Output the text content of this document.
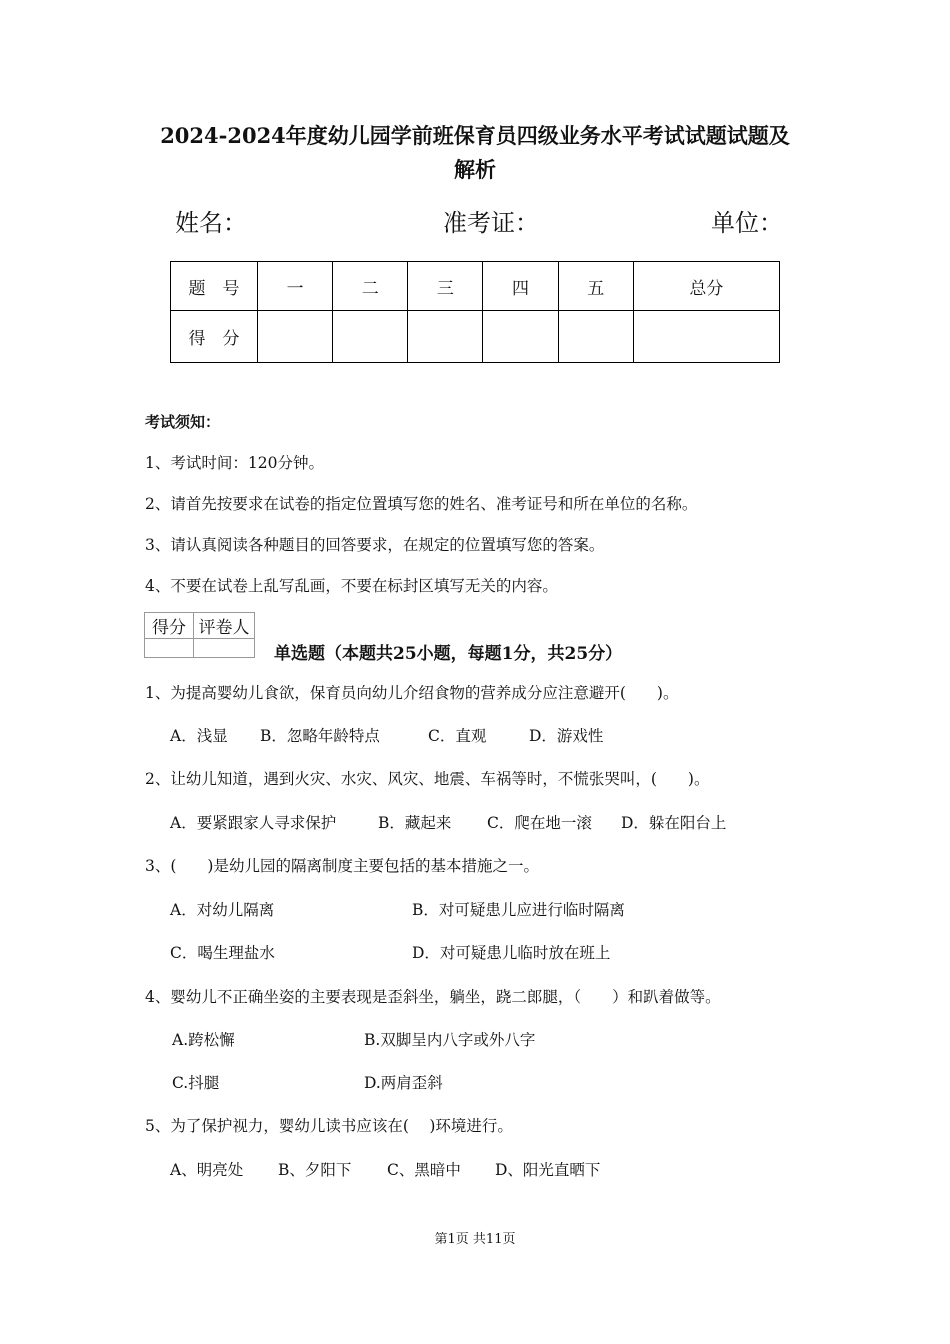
2024-2024年度幼儿园学前班保育员四级业务水平考试试题试题及
解析
姓名：	准考证：	单位：
题　号	一	二	三	四	五	总分
得　分						
考试须知：
1、考试时间：120分钟。
2、请首先按要求在试卷的指定位置填写您的姓名、准考证号和所在单位的名称。
3、请认真阅读各种题目的回答要求，在规定的位置填写您的答案。
4、不要在试卷上乱写乱画，不要在标封区填写无关的内容。
得分	评卷人

单选题（本题共25小题，每题1分，共25分）
1、为提高婴幼儿食欲，保育员向幼儿介绍食物的营养成分应注意避开(　　)。
A．浅显 B．忽略年龄特点	C．直观	D．游戏性
2、让幼儿知道，遇到火灾、水灾、风灾、地震、车祸等时，不慌张哭叫，(　　)。
A．要紧跟家人寻求保护	B．藏起来 C．爬在地一滚 D．躲在阳台上
3、(　　)是幼儿园的隔离制度主要包括的基本措施之一。
A．对幼儿隔离	B．对可疑患儿应进行临时隔离
C．喝生理盐水	D．对可疑患儿临时放在班上
4、婴幼儿不正确坐姿的主要表现是歪斜坐，躺坐，跷二郎腿，（　　）和趴着做等。
A.跨松懈	B.双脚呈内八字或外八字
C.抖腿	D.两肩歪斜
5、为了保护视力，婴幼儿读书应该在(　 )环境进行。
A、明亮处 B、夕阳下 C、黑暗中 D、阳光直晒下
第1页 共11页
